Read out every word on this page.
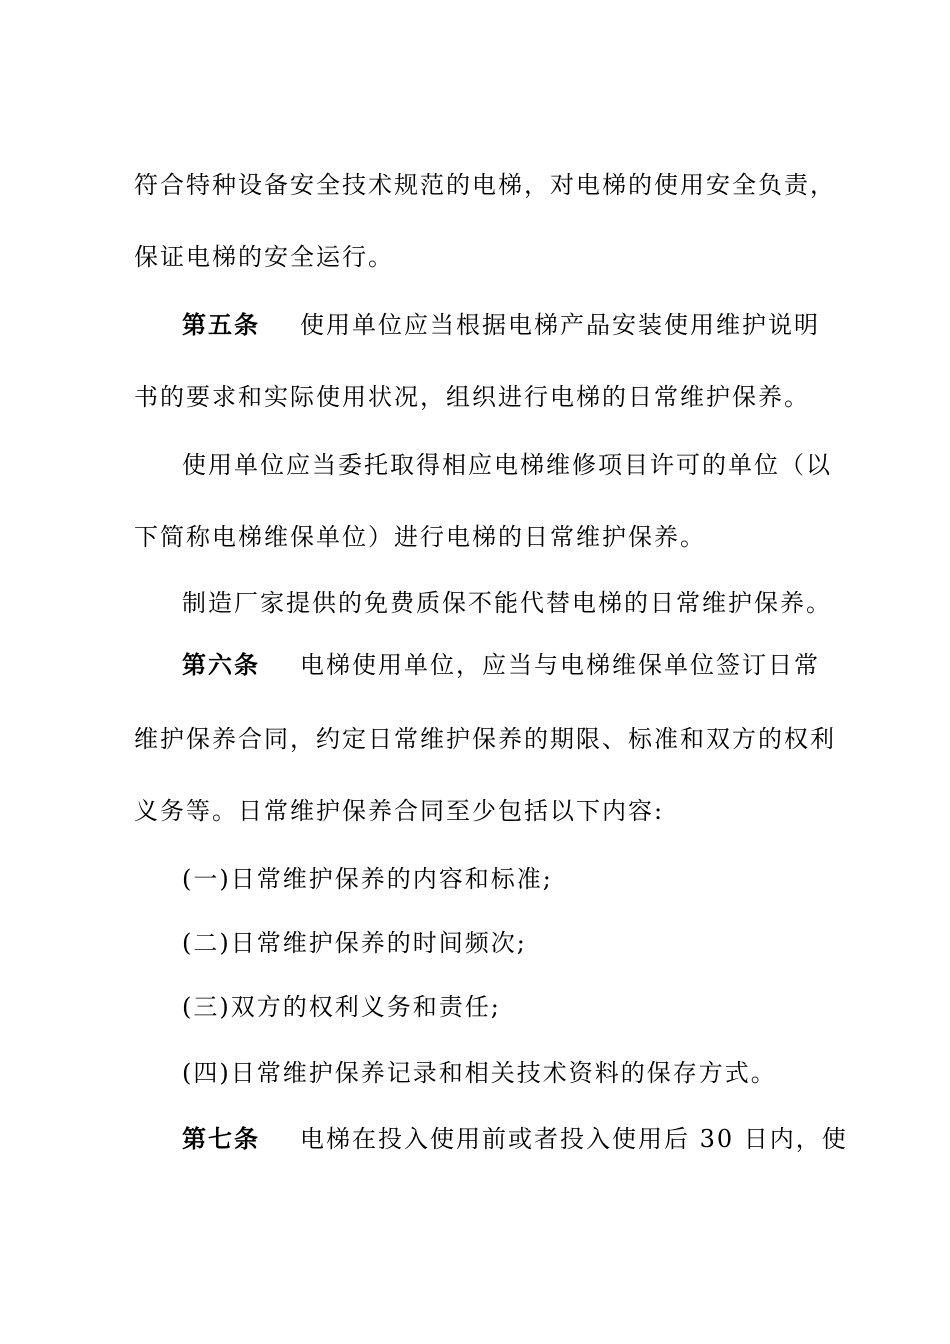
符合特种设备安全技术规范的电梯，对电梯的使用安全负责，
保证电梯的安全运行。
第五条 使用单位应当根据电梯产品安装使用维护说明
书的要求和实际使用状况，组织进行电梯的日常维护保养。
使用单位应当委托取得相应电梯维修项目许可的单位（以
下简称电梯维保单位）进行电梯的日常维护保养。
制造厂家提供的免费质保不能代替电梯的日常维护保养。
第六条 电梯使用单位，应当与电梯维保单位签订日常
维护保养合同，约定日常维护保养的期限、标准和双方的权利
义务等。日常维护保养合同至少包括以下内容:
(一)日常维护保养的内容和标准;
(二)日常维护保养的时间频次;
(三)双方的权利义务和责任;
(四)日常维护保养记录和相关技术资料的保存方式。
第七条 电梯在投入使用前或者投入使用后 30 日内，使
